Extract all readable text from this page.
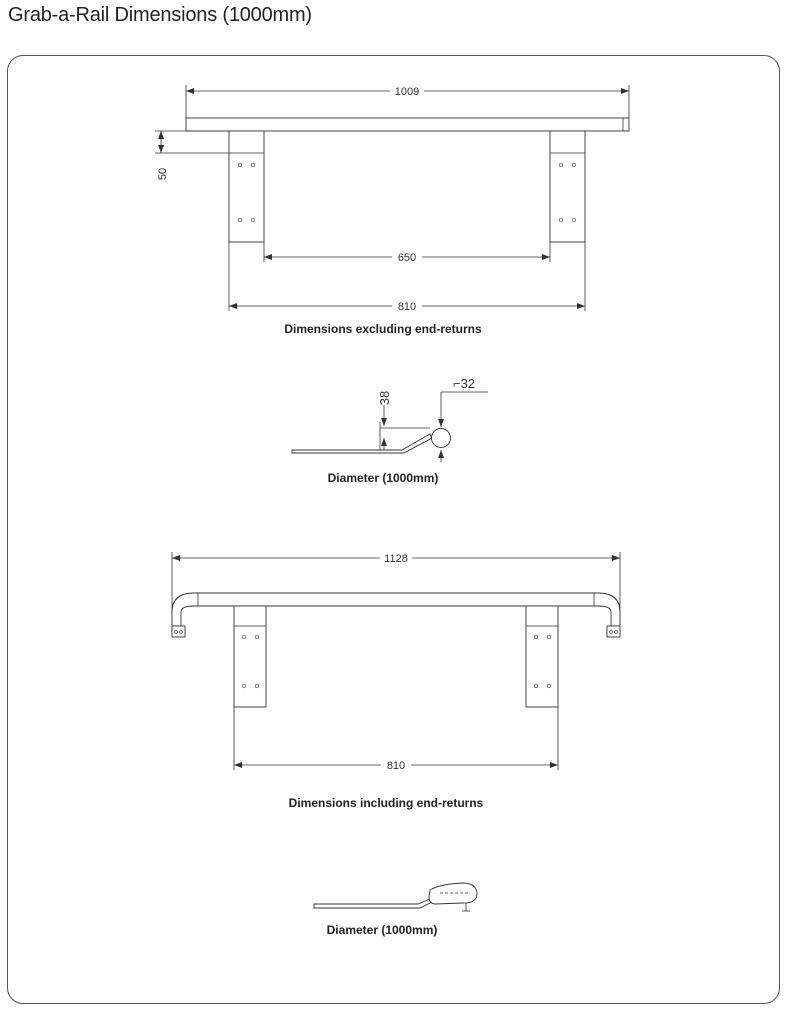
Grab-a-Rail Dimensions (1000mm)
1009
50
650
810
Dimensions excluding end-returns
38
⌐32
Diameter (1000mm)
1128
810
Dimensions including end-returns
Diameter (1000mm)
